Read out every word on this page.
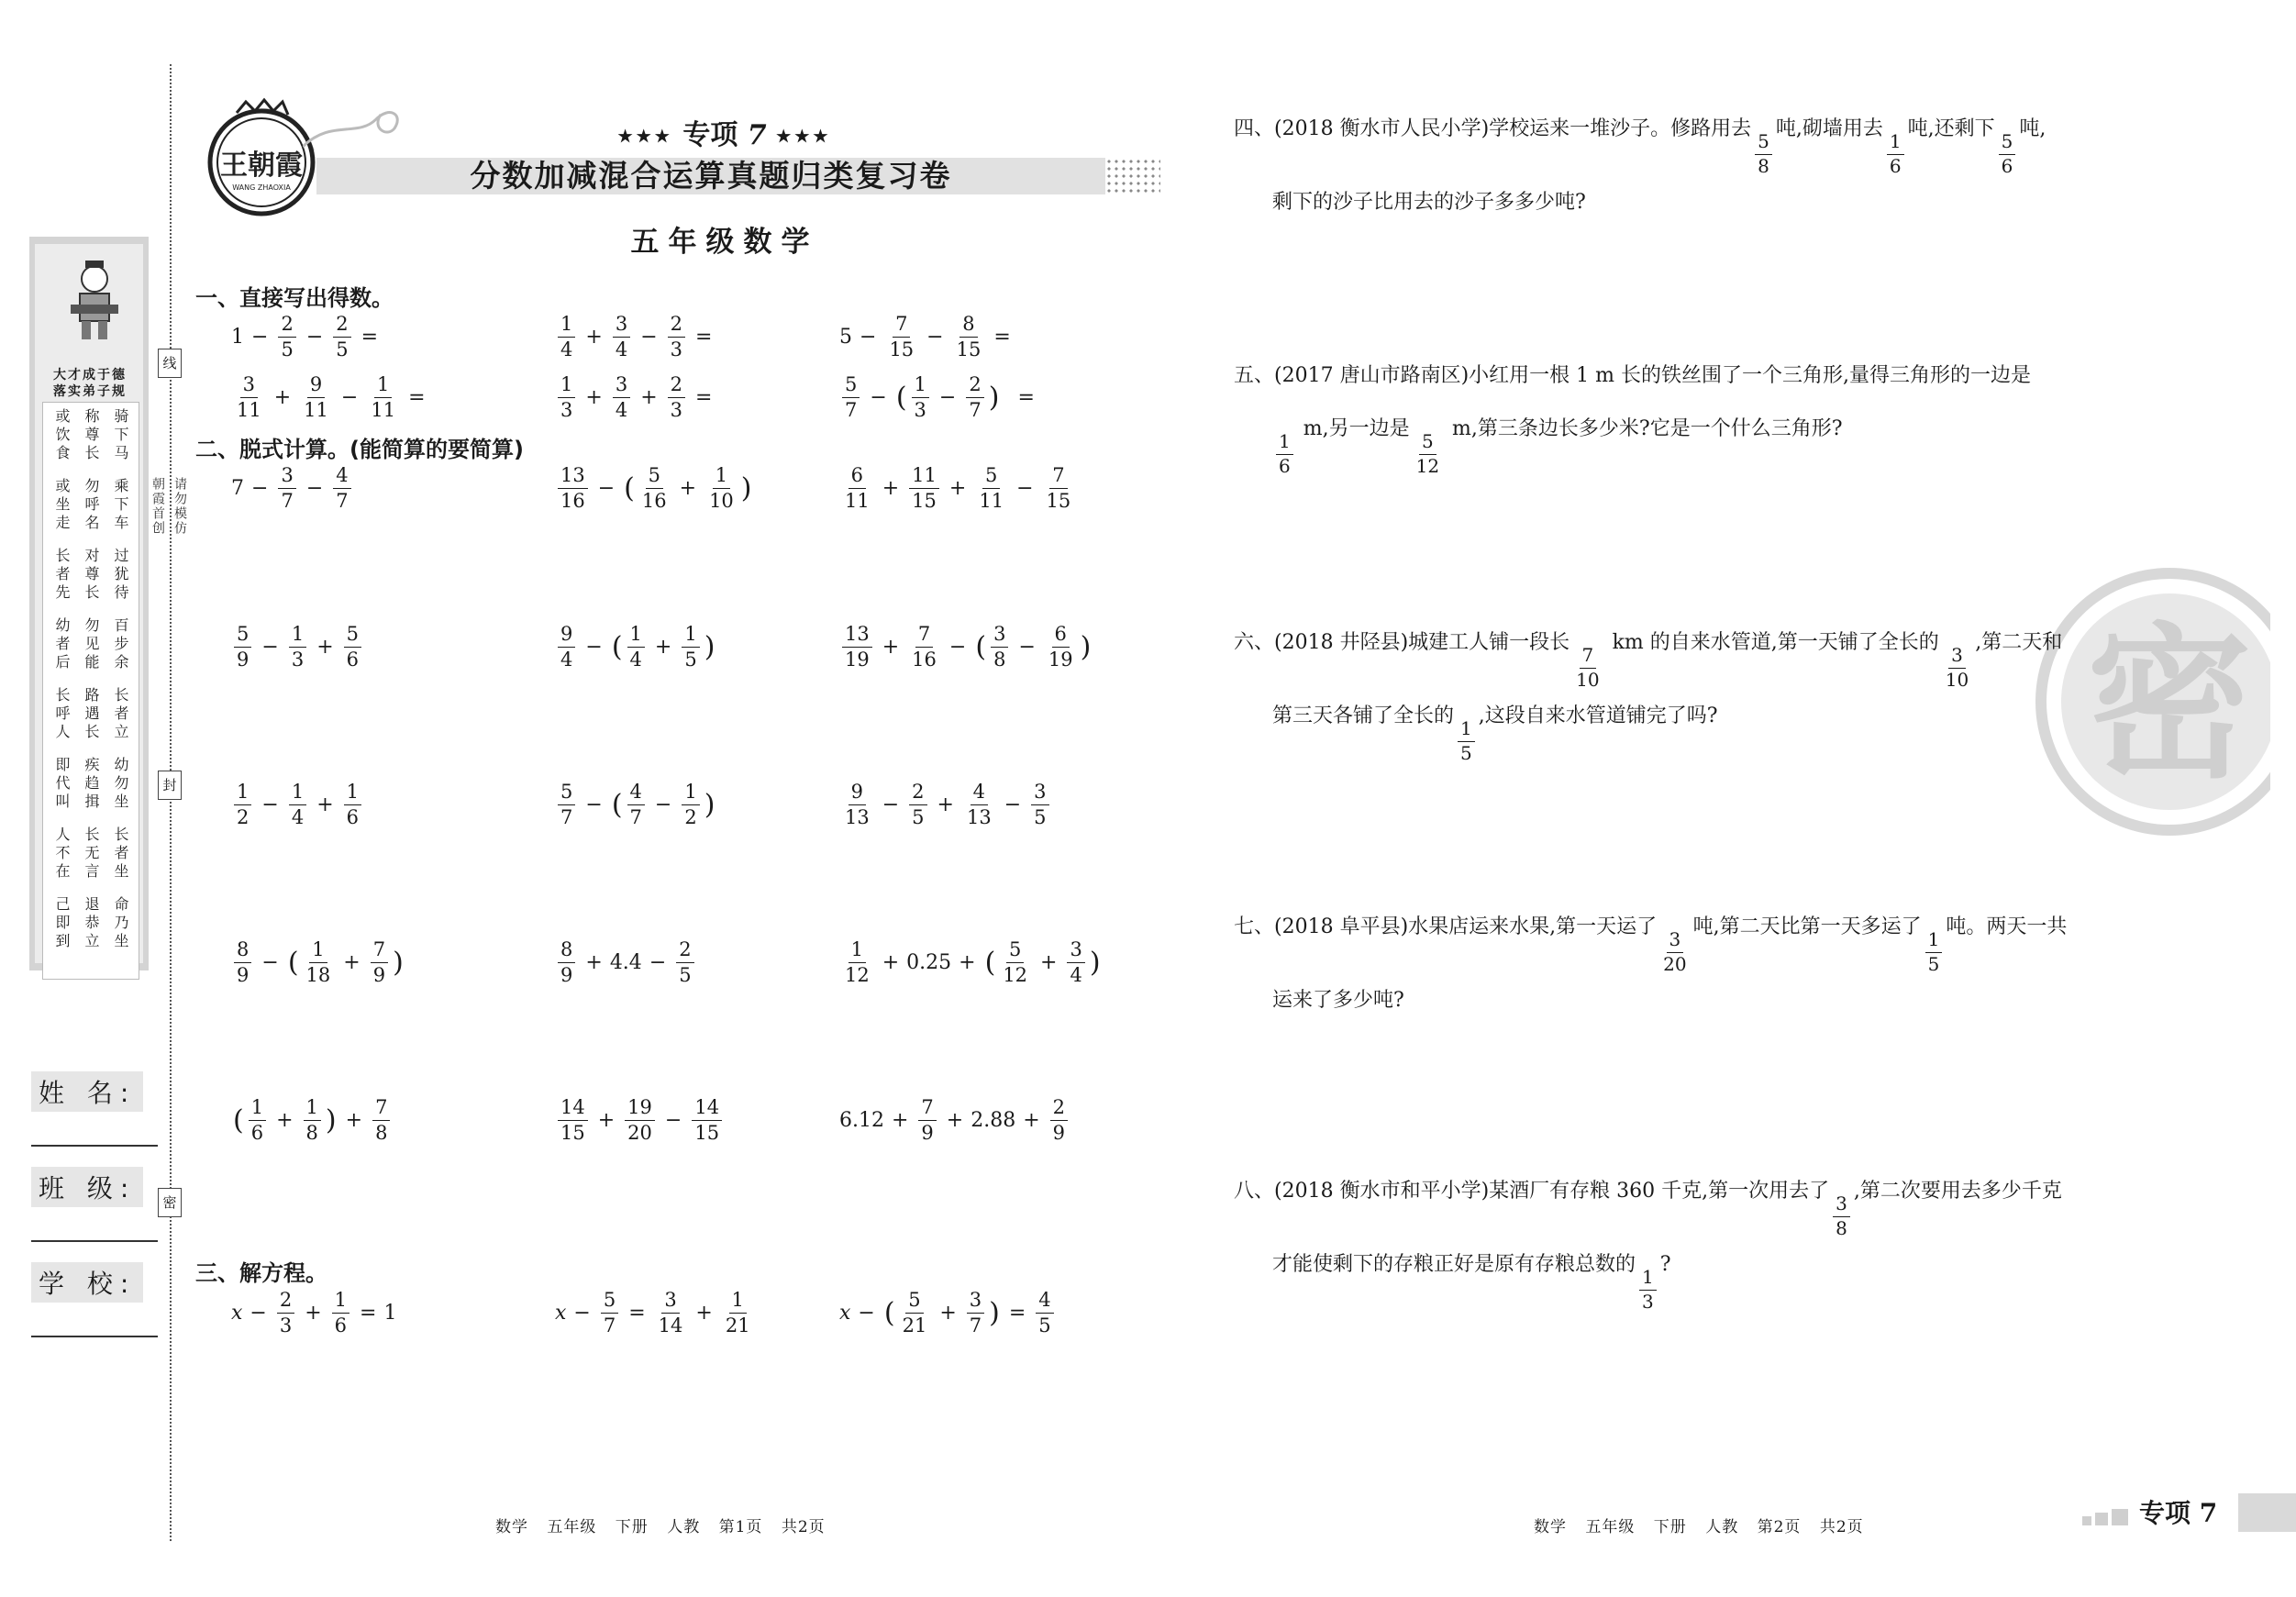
大才成于德
落实弟子规
或饮食 称尊长 骑下马
或坐走 勿呼名 乘下车
长者先 对尊长 过犹待
幼者后 勿见能 百步余
长呼人 路遇长 长者立
即代叫 疾趋揖 幼勿坐
人不在 长无言 长者坐
己即到 退恭立 命乃坐
姓 名:
班 级:
学 校:
线
封
密
朝霞首创 请勿模仿
王朝霞
WANG ZHAOXIA
★★★ 专项 7 ★★★
分数加减混合运算真题归类复习卷
五年级数学
一、直接写出得数。
$1 - \frac{2}{5} - \frac{2}{5}$ =	$\frac{1}{4} + \frac{3}{4} - \frac{2}{3}$ =	$5 - \frac{7}{15} - \frac{8}{15}$ =
$\frac{3}{11} + \frac{9}{11} - \frac{1}{11}$ =	$\frac{1}{3} + \frac{3}{4} + \frac{2}{3}$ =	$\frac{5}{7}$ − ( $\frac{1}{3} - \frac{2}{7}$ ) =
二、脱式计算。(能简算的要简算)
$7 - \frac{3}{7} - \frac{4}{7}$	$\frac{13}{16}$ − ( $\frac{5}{16} + \frac{1}{10}$ )	$\frac{6}{11} + \frac{11}{15} + \frac{5}{11} - \frac{7}{15}$
$\frac{5}{9} - \frac{1}{3} + \frac{5}{6}$	$\frac{9}{4}$ − ( $\frac{1}{4} + \frac{1}{5}$ )	$\frac{13}{19} + \frac{7}{16}$ − ( $\frac{3}{8} - \frac{6}{19}$ )
$\frac{1}{2} - \frac{1}{4} + \frac{1}{6}$	$\frac{5}{7}$ − ( $\frac{4}{7} - \frac{1}{2}$ )	$\frac{9}{13} - \frac{2}{5} + \frac{4}{13} - \frac{3}{5}$
$\frac{8}{9}$ − ( $\frac{1}{18} + \frac{7}{9}$ )	$\frac{8}{9} + 4.4 - \frac{2}{5}$	$\frac{1}{12} + 0.25$ + ( $\frac{5}{12} + \frac{3}{4}$ )
( $\frac{1}{6} + \frac{1}{8}$ ) + $\frac{7}{8}$	$\frac{14}{15} + \frac{19}{20} - \frac{14}{15}$	$6.12 + \frac{7}{9} + 2.88 + \frac{2}{9}$
三、解方程。
$x - \frac{2}{3} + \frac{1}{6} = 1$	$x - \frac{5}{7} = \frac{3}{14} + \frac{1}{21}$	x − ( $\frac{5}{21} + \frac{3}{7}$ ) = $\frac{4}{5}$
数学 五年级 下册 人教 第1页 共2页
密
四、(2018 衡水市人民小学)学校运来一堆沙子。修路用去
$\frac{5}{8}$
吨,砌墙用去
$\frac{1}{6}$
吨,还剩下
$\frac{5}{6}$
吨,
剩下的沙子比用去的沙子多多少吨?
五、(2017 唐山市路南区)小红用一根 1 m 长的铁丝围了一个三角形,量得三角形的一边是
$\frac{1}{6}$
m,另一边是
$\frac{5}{12}$
m,第三条边长多少米?它是一个什么三角形?
六、(2018 井陉县)城建工人铺一段长
$\frac{7}{10}$
km 的自来水管道,第一天铺了全长的
$\frac{3}{10}$
,第二天和
第三天各铺了全长的
$\frac{1}{5}$
,这段自来水管道铺完了吗?
七、(2018 阜平县)水果店运来水果,第一天运了
$\frac{3}{20}$
吨,第二天比第一天多运了
$\frac{1}{5}$
吨。两天一共
运来了多少吨?
八、(2018 衡水市和平小学)某酒厂有存粮 360 千克,第一次用去了
$\frac{3}{8}$
,第二次要用去多少千克
才能使剩下的存粮正好是原有存粮总数的
$\frac{1}{3}$
?
数学 五年级 下册 人教 第2页 共2页	专项 7
